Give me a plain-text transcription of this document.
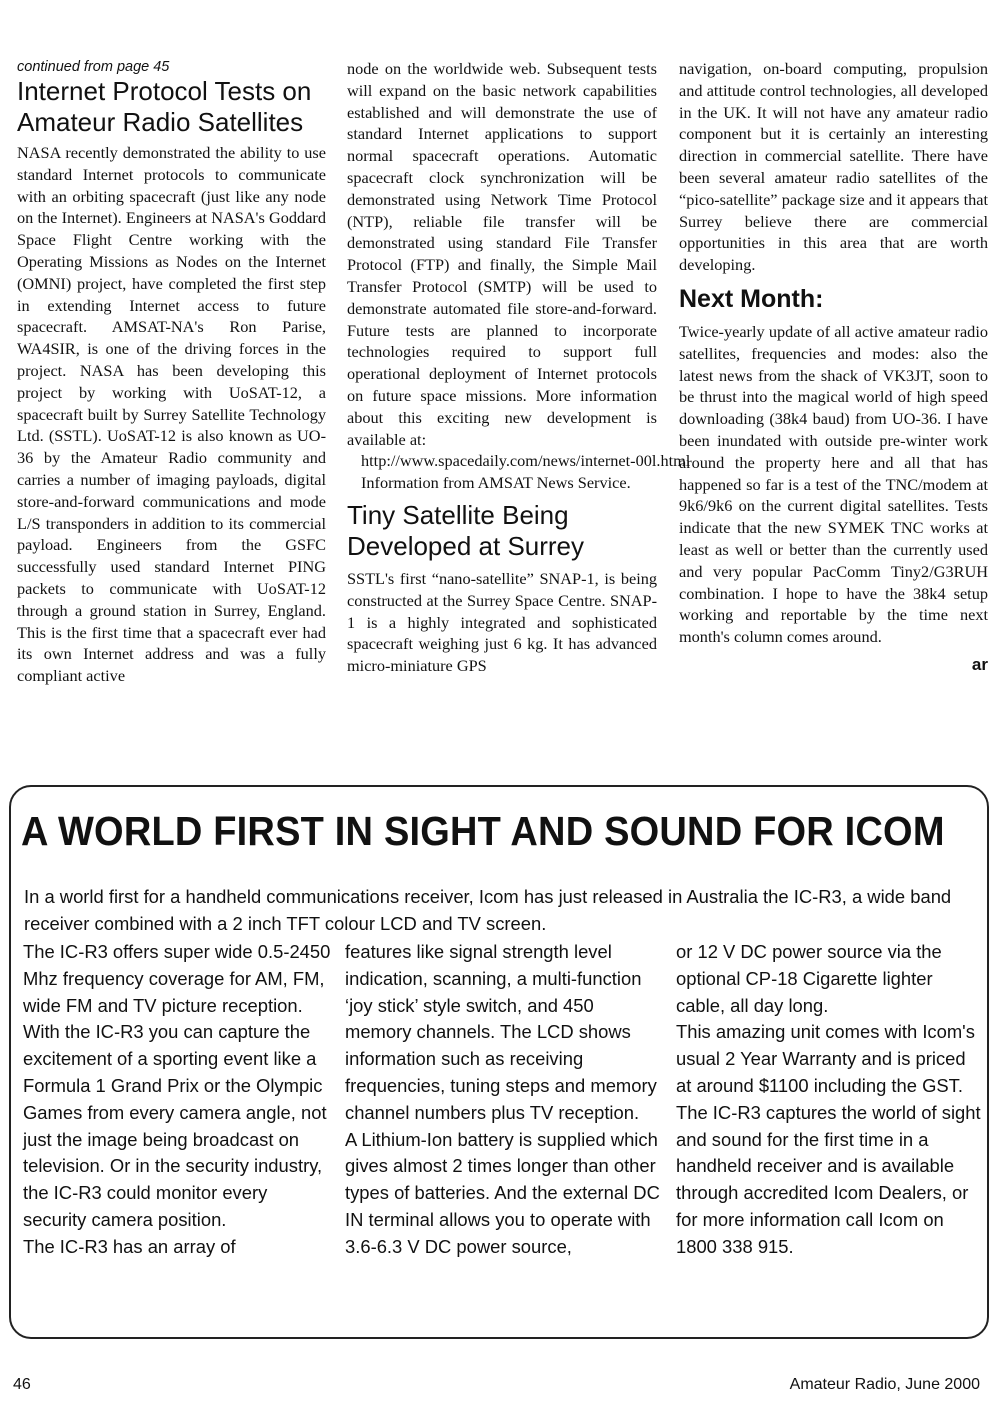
continued from page 45

Internet Protocol Tests on Amateur Radio Satellites

NASA recently demonstrated the ability to use standard Internet protocols to communicate with an orbiting spacecraft (just like any node on the Internet). Engineers at NASA's Goddard Space Flight Centre working with the Operating Missions as Nodes on the Internet (OMNI) project, have completed the first step in extending Internet access to future spacecraft. AMSAT-NA's Ron Parise, WA4SIR, is one of the driving forces in the project. NASA has been developing this project by working with UoSAT-12, a spacecraft built by Surrey Satellite Technology Ltd. (SSTL). UoSAT-12 is also known as UO-36 by the Amateur Radio community and carries a number of imaging payloads, digital store-and-forward communications and mode L/S transponders in addition to its commercial payload. Engineers from the GSFC successfully used standard Internet PING packets to communicate with UoSAT-12 through a ground station in Surrey, England. This is the first time that a spacecraft ever had its own Internet address and was a fully compliant active

node on the worldwide web. Subsequent tests will expand on the basic network capabilities established and will demonstrate the use of standard Internet applications to support normal spacecraft operations. Automatic spacecraft clock synchronization will be demonstrated using Network Time Protocol (NTP), reliable file transfer will be demonstrated using standard File Transfer Protocol (FTP) and finally, the Simple Mail Transfer Protocol (SMTP) will be used to demonstrate automated file store-and-forward. Future tests are planned to incorporate technologies required to support full operational deployment of Internet protocols on future space missions. More information about this exciting new development is available at:

http://www.spacedaily.com/news/internet-00l.html

Information from AMSAT News Service.

Tiny Satellite Being Developed at Surrey

SSTL's first “nano-satellite” SNAP-1, is being constructed at the Surrey Space Centre. SNAP-1 is a highly integrated and sophisticated spacecraft weighing just 6 kg. It has advanced micro-miniature GPS

navigation, on-board computing, propulsion and attitude control technologies, all developed in the UK. It will not have any amateur radio component but it is certainly an interesting direction in commercial satellite. There have been several amateur radio satellites of the “pico-satellite” package size and it appears that Surrey believe there are commercial opportunities in this area that are worth developing.

Next Month:

Twice-yearly update of all active amateur radio satellites, frequencies and modes: also the latest news from the shack of VK3JT, soon to be thrust into the magical world of high speed downloading (38k4 baud) from UO-36. I have been inundated with outside pre-winter work around the property here and all that has happened so far is a test of the TNC/modem at 9k6/9k6 on the current digital satellites. Tests indicate that the new SYMEK TNC works at least as well or better than the currently used and very popular PacComm Tiny2/G3RUH combination. I hope to have the 38k4 setup working and reportable by the time next month's column comes around.

ar
A WORLD FIRST IN SIGHT AND SOUND FOR ICOM

In a world first for a handheld communications receiver, Icom has just released in Australia the IC-R3, a wide band receiver combined with a 2 inch TFT colour LCD and TV screen.

The IC-R3 offers super wide 0.5-2450 Mhz frequency coverage for AM, FM, wide FM and TV picture reception. With the IC-R3 you can capture the excitement of a sporting event like a Formula 1 Grand Prix or the Olympic Games from every camera angle, not just the image being broadcast on television. Or in the security industry, the IC-R3 could monitor every security camera position.

The IC-R3 has an array of

features like signal strength level indication, scanning, a multi-function ‘joy stick’ style switch, and 450 memory channels. The LCD shows information such as receiving frequencies, tuning steps and memory channel numbers plus TV reception.

A Lithium-Ion battery is supplied which gives almost 2 times longer than other types of batteries. And the external DC IN terminal allows you to operate with 3.6-6.3 V DC power source,

or 12 V DC power source via the optional CP-18 Cigarette lighter cable, all day long.

This amazing unit comes with Icom's usual 2 Year Warranty and is priced at around $1100 including the GST.

The IC-R3 captures the world of sight and sound for the first time in a handheld receiver and is available through accredited Icom Dealers, or for more information call Icom on 1800 338 915.

46	Amateur Radio, June 2000
